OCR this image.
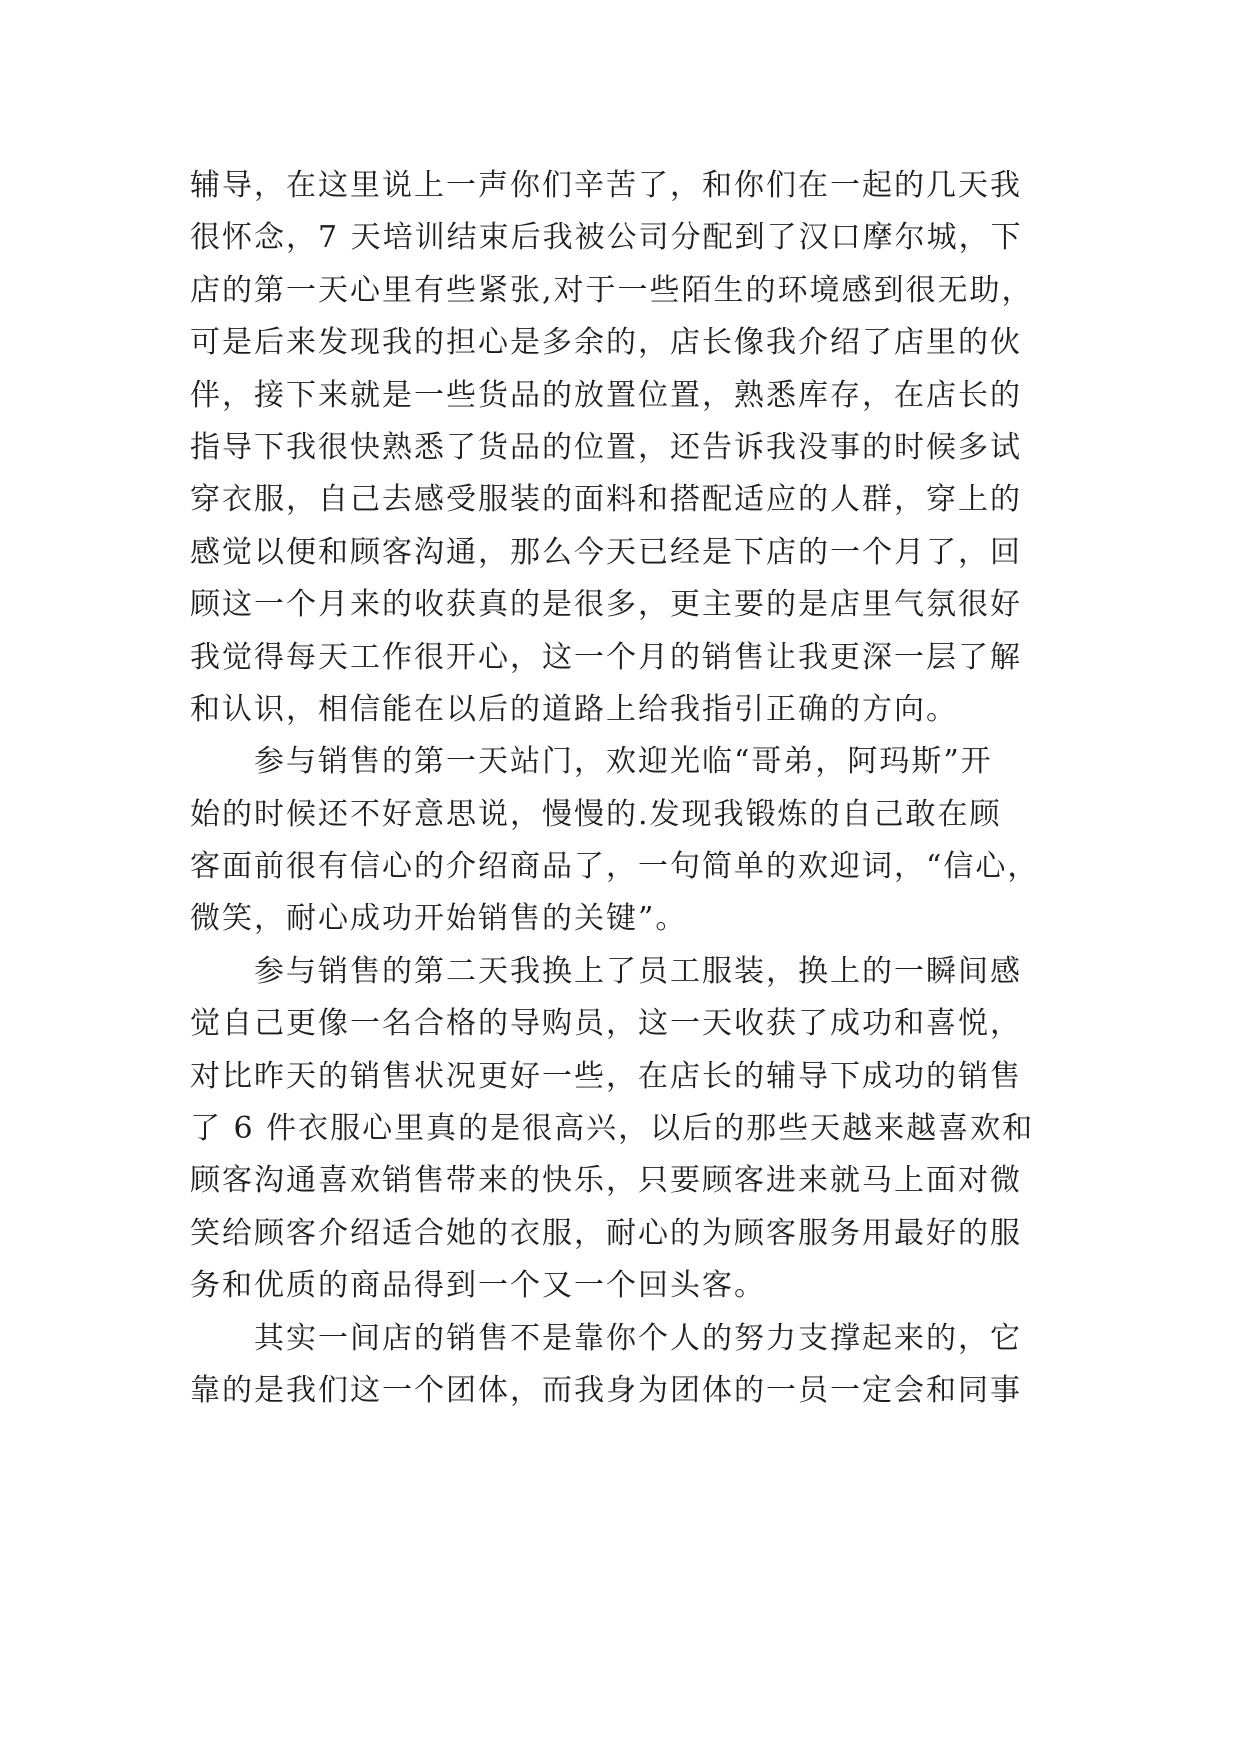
辅导，在这里说上一声你们辛苦了，和你们在一起的几天我
很怀念，7 天培训结束后我被公司分配到了汉口摩尔城，下
店的第一天心里有些紧张,对于一些陌生的环境感到很无助，
可是后来发现我的担心是多余的，店长像我介绍了店里的伙
伴，接下来就是一些货品的放置位置，熟悉库存，在店长的
指导下我很快熟悉了货品的位置，还告诉我没事的时候多试
穿衣服，自己去感受服装的面料和搭配适应的人群，穿上的
感觉以便和顾客沟通，那么今天已经是下店的一个月了，回
顾这一个月来的收获真的是很多，更主要的是店里气氛很好
我觉得每天工作很开心，这一个月的销售让我更深一层了解
和认识，相信能在以后的道路上给我指引正确的方向。
参与销售的第一天站门，欢迎光临“哥弟，阿玛斯”开
始的时候还不好意思说，慢慢的.发现我锻炼的自己敢在顾
客面前很有信心的介绍商品了，一句简单的欢迎词，“信心，
微笑，耐心成功开始销售的关键”。
参与销售的第二天我换上了员工服装，换上的一瞬间感
觉自己更像一名合格的导购员，这一天收获了成功和喜悦，
对比昨天的销售状况更好一些，在店长的辅导下成功的销售
了 6 件衣服心里真的是很高兴，以后的那些天越来越喜欢和
顾客沟通喜欢销售带来的快乐，只要顾客进来就马上面对微
笑给顾客介绍适合她的衣服，耐心的为顾客服务用最好的服
务和优质的商品得到一个又一个回头客。
其实一间店的销售不是靠你个人的努力支撑起来的，它
靠的是我们这一个团体，而我身为团体的一员一定会和同事
